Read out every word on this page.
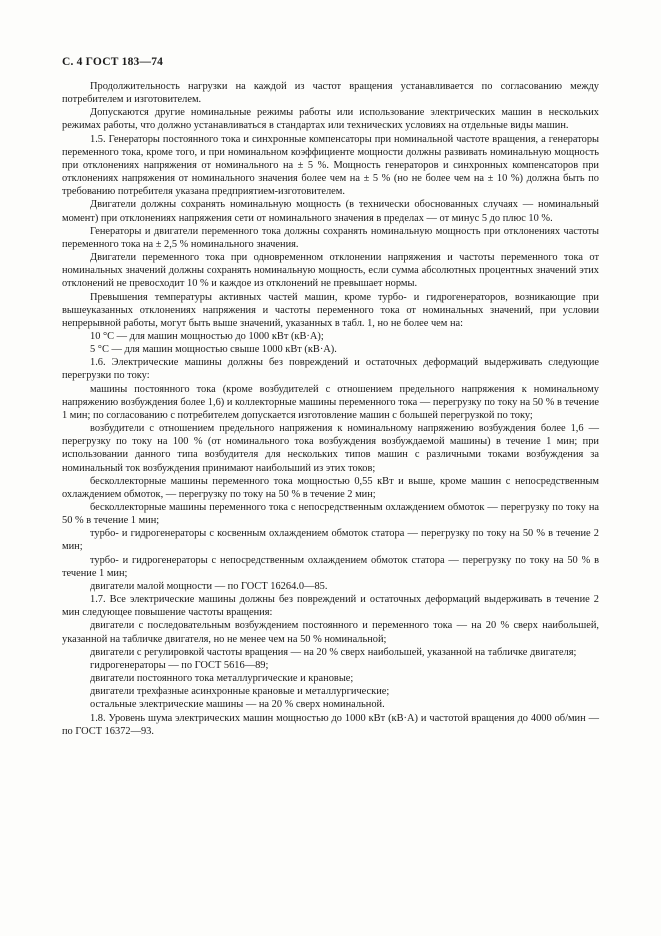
С. 4 ГОСТ 183—74

Продолжительность нагрузки на каждой из частот вращения устанавливается по согласованию между потребителем и изготовителем.

Допускаются другие номинальные режимы работы или использование электрических машин в нескольких режимах работы, что должно устанавливаться в стандартах или технических условиях на отдельные виды машин.

1.5. Генераторы постоянного тока и синхронные компенсаторы при номинальной частоте вращения, а генераторы переменного тока, кроме того, и при номинальном коэффициенте мощности должны развивать номинальную мощность при отклонениях напряжения от номинального на ± 5 %. Мощность генераторов и синхронных компенсаторов при отклонениях напряжения от номинального значения более чем на ± 5 % (но не более чем на ± 10 %) должна быть по требованию потребителя указана предприятием-изготовителем.

Двигатели должны сохранять номинальную мощность (в технически обоснованных случаях — номинальный момент) при отклонениях напряжения сети от номинального значения в пределах — от минус 5 до плюс 10 %.

Генераторы и двигатели переменного тока должны сохранять номинальную мощность при отклонениях частоты переменного тока на ± 2,5 % номинального значения.

Двигатели переменного тока при одновременном отклонении напряжения и частоты переменного тока от номинальных значений должны сохранять номинальную мощность, если сумма абсолютных процентных значений этих отклонений не превосходит 10 % и каждое из отклонений не превышает нормы.

Превышения температуры активных частей машин, кроме турбо- и гидрогенераторов, возникающие при вышеуказанных отклонениях напряжения и частоты переменного тока от номинальных значений, при условии непрерывной работы, могут быть выше значений, указанных в табл. 1, но не более чем на:

10 °С — для машин мощностью до 1000 кВт (кВ·А);

5 °С — для машин мощностью свыше 1000 кВт (кВ·А).

1.6. Электрические машины должны без повреждений и остаточных деформаций выдерживать следующие перегрузки по току:

машины постоянного тока (кроме возбудителей с отношением предельного напряжения к номинальному напряжению возбуждения более 1,6) и коллекторные машины переменного тока — перегрузку по току на 50 % в течение 1 мин; по согласованию с потребителем допускается изготовление машин с большей перегрузкой по току;

возбудители с отношением предельного напряжения к номинальному напряжению возбуждения более 1,6 — перегрузку по току на 100 % (от номинального тока возбуждения возбуждаемой машины) в течение 1 мин; при использовании данного типа возбудителя для нескольких типов машин с различными токами возбуждения за номинальный ток возбуждения принимают наибольший из этих токов;

бесколлекторные машины переменного тока мощностью 0,55 кВт и выше, кроме машин с непосредственным охлаждением обмоток, — перегрузку по току на 50 % в течение 2 мин;

бесколлекторные машины переменного тока с непосредственным охлаждением обмоток — перегрузку по току на 50 % в течение 1 мин;

турбо- и гидрогенераторы с косвенным охлаждением обмоток статора — перегрузку по току на 50 % в течение 2 мин;

турбо- и гидрогенераторы с непосредственным охлаждением обмоток статора — перегрузку по току на 50 % в течение 1 мин;

двигатели малой мощности — по ГОСТ 16264.0—85.

1.7. Все электрические машины должны без повреждений и остаточных деформаций выдерживать в течение 2 мин следующее повышение частоты вращения:

двигатели с последовательным возбуждением постоянного и переменного тока — на 20 % сверх наибольшей, указанной на табличке двигателя, но не менее чем на 50 % номинальной;

двигатели с регулировкой частоты вращения — на 20 % сверх наибольшей, указанной на табличке двигателя;

гидрогенераторы — по ГОСТ 5616—89;

двигатели постоянного тока металлургические и крановые;

двигатели трехфазные асинхронные крановые и металлургические;

остальные электрические машины — на 20 % сверх номинальной.

1.8. Уровень шума электрических машин мощностью до 1000 кВт (кВ·А) и частотой вращения до 4000 об/мин — по ГОСТ 16372—93.
